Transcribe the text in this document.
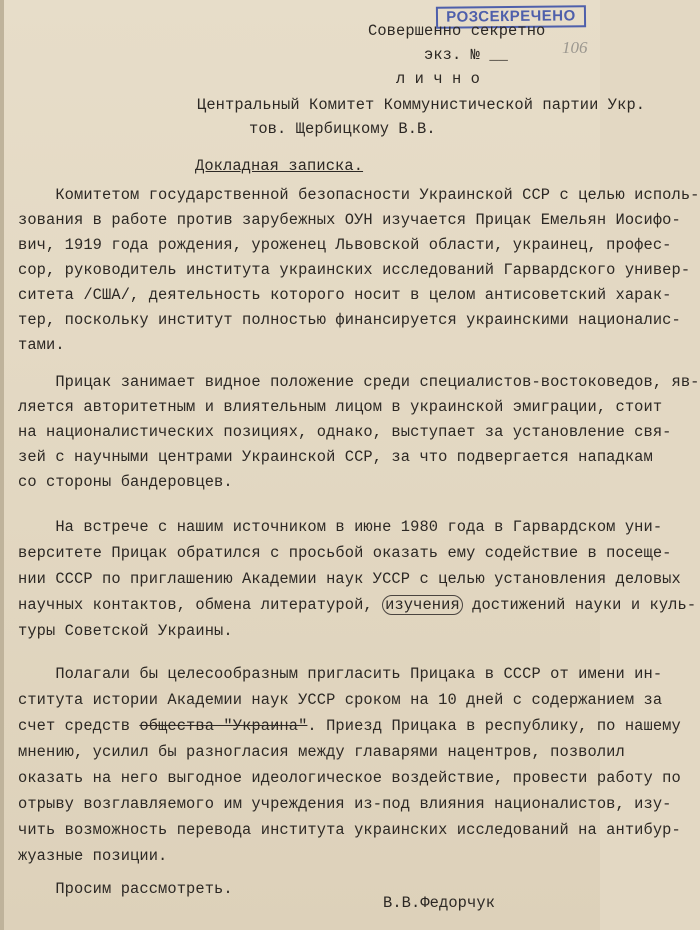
РОЗСЕКРЕЧЕНО
106
Совершенно секретно
экз. № __
л и ч н о
Центральный Комитет Коммунистической партии Укр.
тов. Щербицкому В.В.
Докладная записка.
Комитетом государственной безопасности Украинской ССР с целью исполь-
зования в работе против зарубежных ОУН изучается Прицак Емельян Иосифо-
вич, 1919 года рождения, уроженец Львовской области, украинец, профес-
сор, руководитель института украинских исследований Гарвардского универ-
ситета /США/, деятельность которого носит в целом антисоветский харак-
тер, поскольку институт полностью финансируется украинскими националис-
тами.
Прицак занимает видное положение среди специалистов-востоковедов, яв-
ляется авторитетным и влиятельным лицом в украинской эмиграции, стоит
на националистических позициях, однако, выступает за установление свя-
зей с научными центрами Украинской ССР, за что подвергается нападкам
со стороны бандеровцев.
На встрече с нашим источником в июне 1980 года в Гарвардском уни-
верситете Прицак обратился с просьбой оказать ему содействие в посеще-
нии СССР по приглашению Академии наук УССР с целью установления деловых
научных контактов, обмена литературой, изучения достижений науки и куль-
туры Советской Украины.
Полагали бы целесообразным пригласить Прицака в СССР от имени ин-
ститута истории Академии наук УССР сроком на 10 дней с содержанием за
счет средств общества "Украина". Приезд Прицака в республику, по нашему
мнению, усилил бы разногласия между главарями нацентров, позволил
оказать на него выгодное идеологическое воздействие, провести работу по
отрыву возглавляемого им учреждения из-под влияния националистов, изу-
чить возможность перевода института украинских исследований на антибур-
жуазные позиции.
Просим рассмотреть.
В.В.Федорчук
